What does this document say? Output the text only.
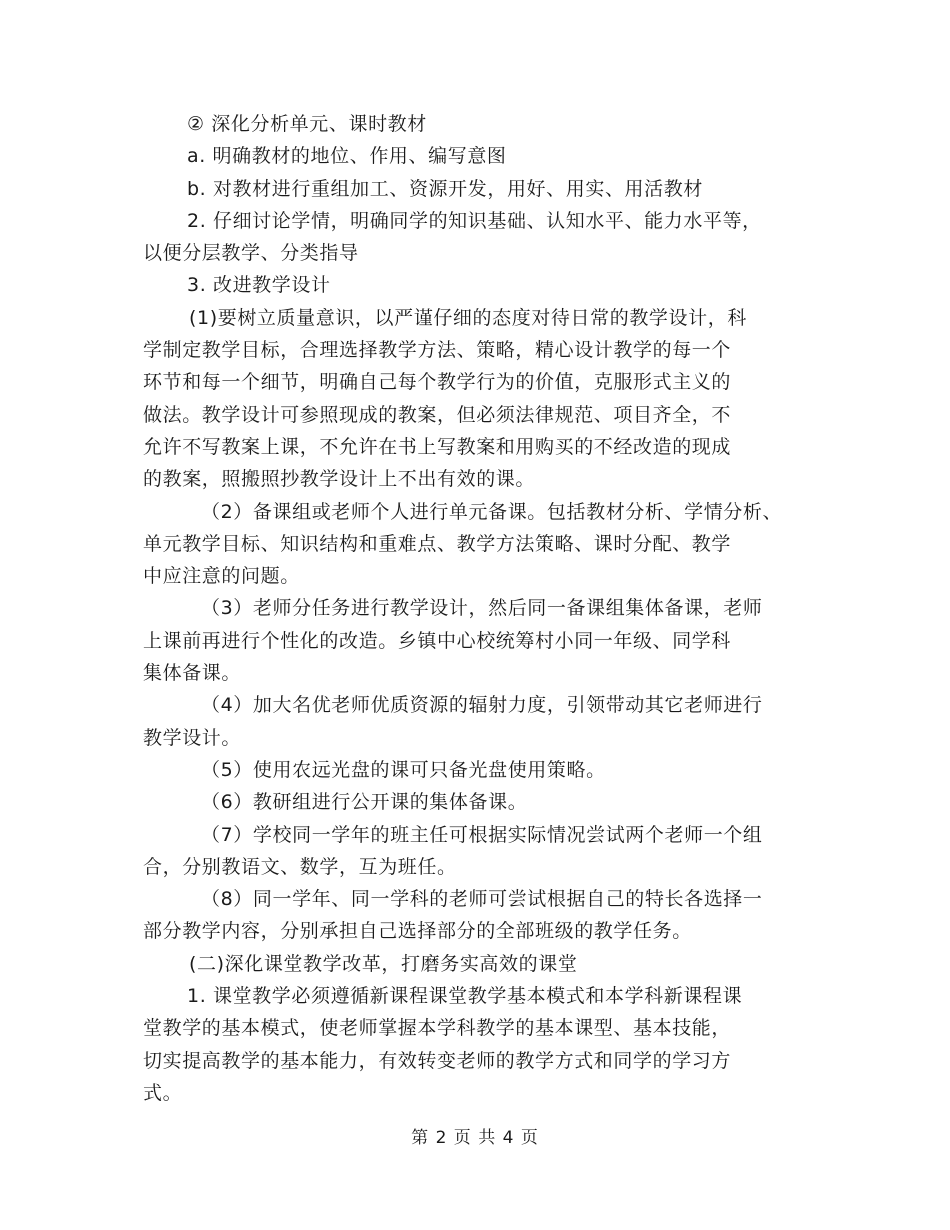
② 深化分析单元、课时教材
a. 明确教材的地位、作用、编写意图
b. 对教材进行重组加工、资源开发，用好、用实、用活教材
2. 仔细讨论学情，明确同学的知识基础、认知水平、能力水平等，
以便分层教学、分类指导
3. 改进教学设计
(1)要树立质量意识，以严谨仔细的态度对待日常的教学设计，科
学制定教学目标，合理选择教学方法、策略，精心设计教学的每一个
环节和每一个细节，明确自己每个教学行为的价值，克服形式主义的
做法。教学设计可参照现成的教案，但必须法律规范、项目齐全，不
允许不写教案上课，不允许在书上写教案和用购买的不经改造的现成
的教案，照搬照抄教学设计上不出有效的课。
（2）备课组或老师个人进行单元备课。包括教材分析、学情分析、
单元教学目标、知识结构和重难点、教学方法策略、课时分配、教学
中应注意的问题。
（3）老师分任务进行教学设计，然后同一备课组集体备课，老师
上课前再进行个性化的改造。乡镇中心校统筹村小同一年级、同学科
集体备课。
（4）加大名优老师优质资源的辐射力度，引领带动其它老师进行
教学设计。
（5）使用农远光盘的课可只备光盘使用策略。
（6）教研组进行公开课的集体备课。
（7）学校同一学年的班主任可根据实际情况尝试两个老师一个组
合，分别教语文、数学，互为班任。
（8）同一学年、同一学科的老师可尝试根据自己的特长各选择一
部分教学内容，分别承担自己选择部分的全部班级的教学任务。
(二)深化课堂教学改革，打磨务实高效的课堂
1. 课堂教学必须遵循新课程课堂教学基本模式和本学科新课程课
堂教学的基本模式，使老师掌握本学科教学的基本课型、基本技能，
切实提高教学的基本能力，有效转变老师的教学方式和同学的学习方
式。
第 2 页 共 4 页
